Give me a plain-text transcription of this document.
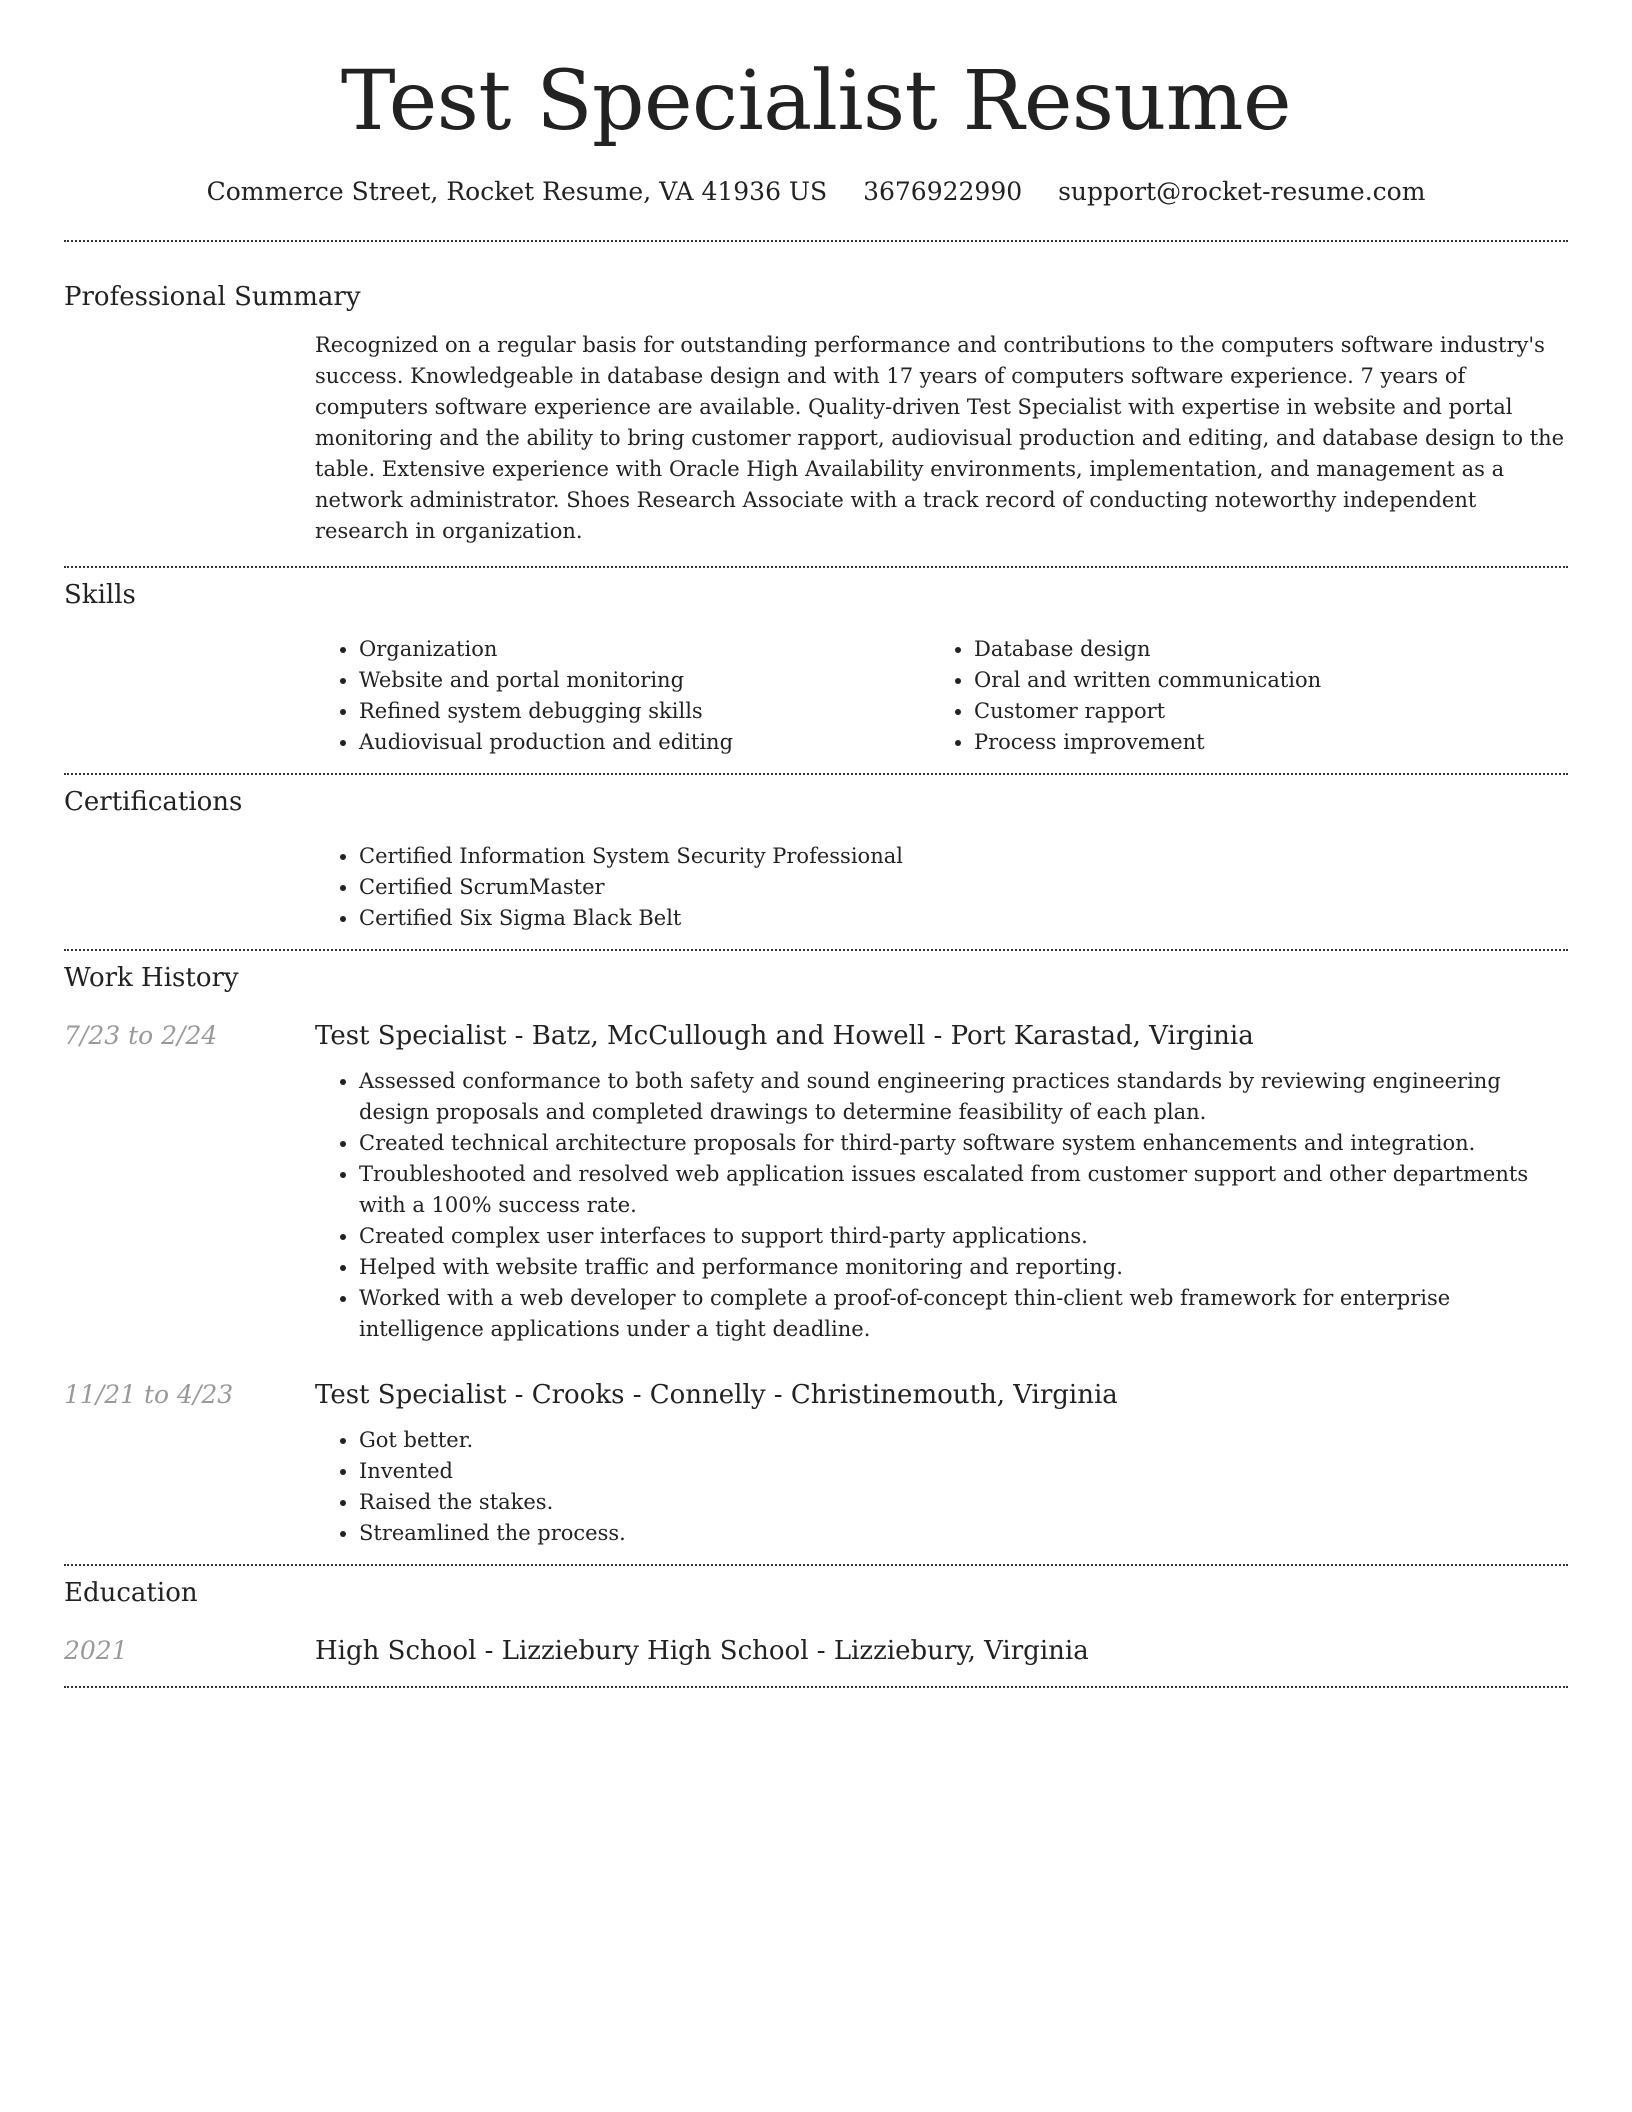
Test Specialist Resume
Commerce Street, Rocket Resume, VA 41936 US 3676922990 support@rocket-resume.com
Professional Summary

Recognized on a regular basis for outstanding performance and contributions to the computers software industry's success. Knowledgeable in database design and with 17 years of computers software experience. 7 years of computers software experience are available. Quality-driven Test Specialist with expertise in website and portal monitoring and the ability to bring customer rapport, audiovisual production and editing, and database design to the table. Extensive experience with Oracle High Availability environments, implementation, and management as a network administrator. Shoes Research Associate with a track record of conducting noteworthy independent research in organization.

Skills
• Organization
• Website and portal monitoring
• Refined system debugging skills
• Audiovisual production and editing
• Database design
• Oral and written communication
• Customer rapport
• Process improvement
Certifications
• Certified Information System Security Professional
• Certified ScrumMaster
• Certified Six Sigma Black Belt
Work History
7/23 to 2/24	Test Specialist - Batz, McCullough and Howell - Port Karastad, Virginia
• Assessed conformance to both safety and sound engineering practices standards by reviewing engineering design proposals and completed drawings to determine feasibility of each plan.
• Created technical architecture proposals for third-party software system enhancements and integration.
• Troubleshooted and resolved web application issues escalated from customer support and other departments with a 100% success rate.
• Created complex user interfaces to support third-party applications.
• Helped with website traffic and performance monitoring and reporting.
• Worked with a web developer to complete a proof-of-concept thin-client web framework for enterprise intelligence applications under a tight deadline.
11/21 to 4/23	Test Specialist - Crooks - Connelly - Christinemouth, Virginia
• Got better.
• Invented
• Raised the stakes.
• Streamlined the process.
Education
2021	High School - Lizziebury High School - Lizziebury, Virginia
